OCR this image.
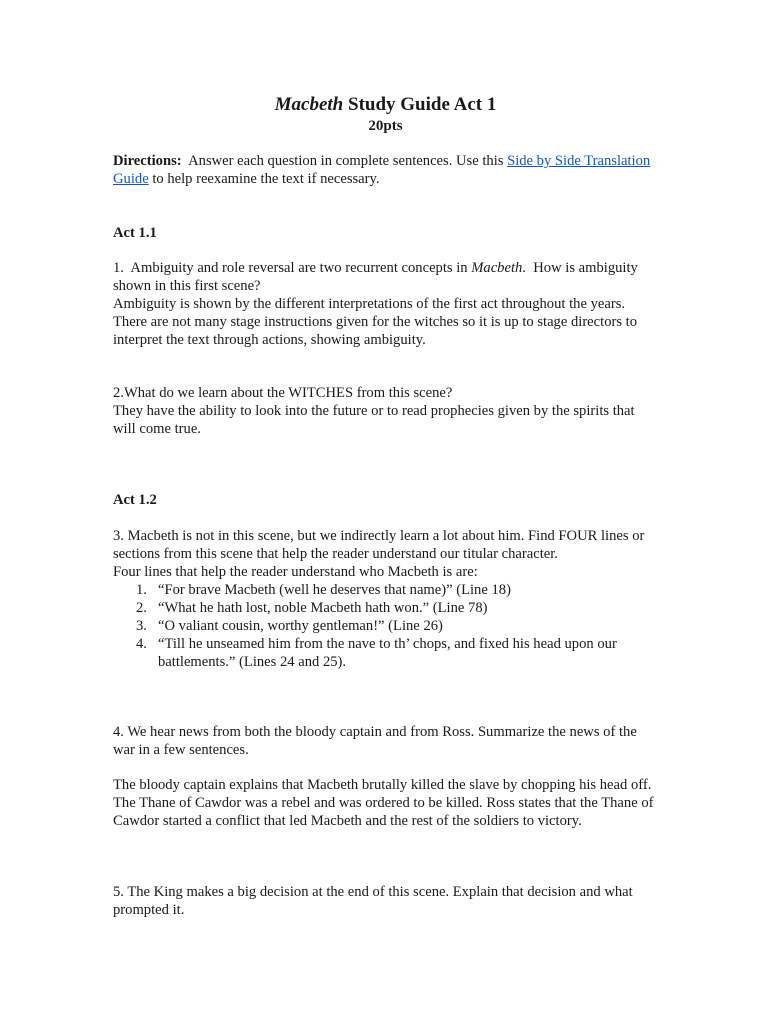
Macbeth Study Guide Act 1
20pts
Directions:  Answer each question in complete sentences. Use this Side by Side Translation Guide to help reexamine the text if necessary.
Act 1.1
1.  Ambiguity and role reversal are two recurrent concepts in Macbeth.  How is ambiguity shown in this first scene?
Ambiguity is shown by the different interpretations of the first act throughout the years. There are not many stage instructions given for the witches so it is up to stage directors to interpret the text through actions, showing ambiguity.
2.What do we learn about the WITCHES from this scene?
They have the ability to look into the future or to read prophecies given by the spirits that will come true.
Act 1.2
3. Macbeth is not in this scene, but we indirectly learn a lot about him. Find FOUR lines or sections from this scene that help the reader understand our titular character.
Four lines that help the reader understand who Macbeth is are:
1. “For brave Macbeth (well he deserves that name)” (Line 18)
2. “What he hath lost, noble Macbeth hath won.” (Line 78)
3. “O valiant cousin, worthy gentleman!” (Line 26)
4. “Till he unseamed him from the nave to th’ chops, and fixed his head upon our battlements.” (Lines 24 and 25).
4. We hear news from both the bloody captain and from Ross. Summarize the news of the war in a few sentences.
The bloody captain explains that Macbeth brutally killed the slave by chopping his head off. The Thane of Cawdor was a rebel and was ordered to be killed. Ross states that the Thane of Cawdor started a conflict that led Macbeth and the rest of the soldiers to victory.
5. The King makes a big decision at the end of this scene. Explain that decision and what prompted it.
